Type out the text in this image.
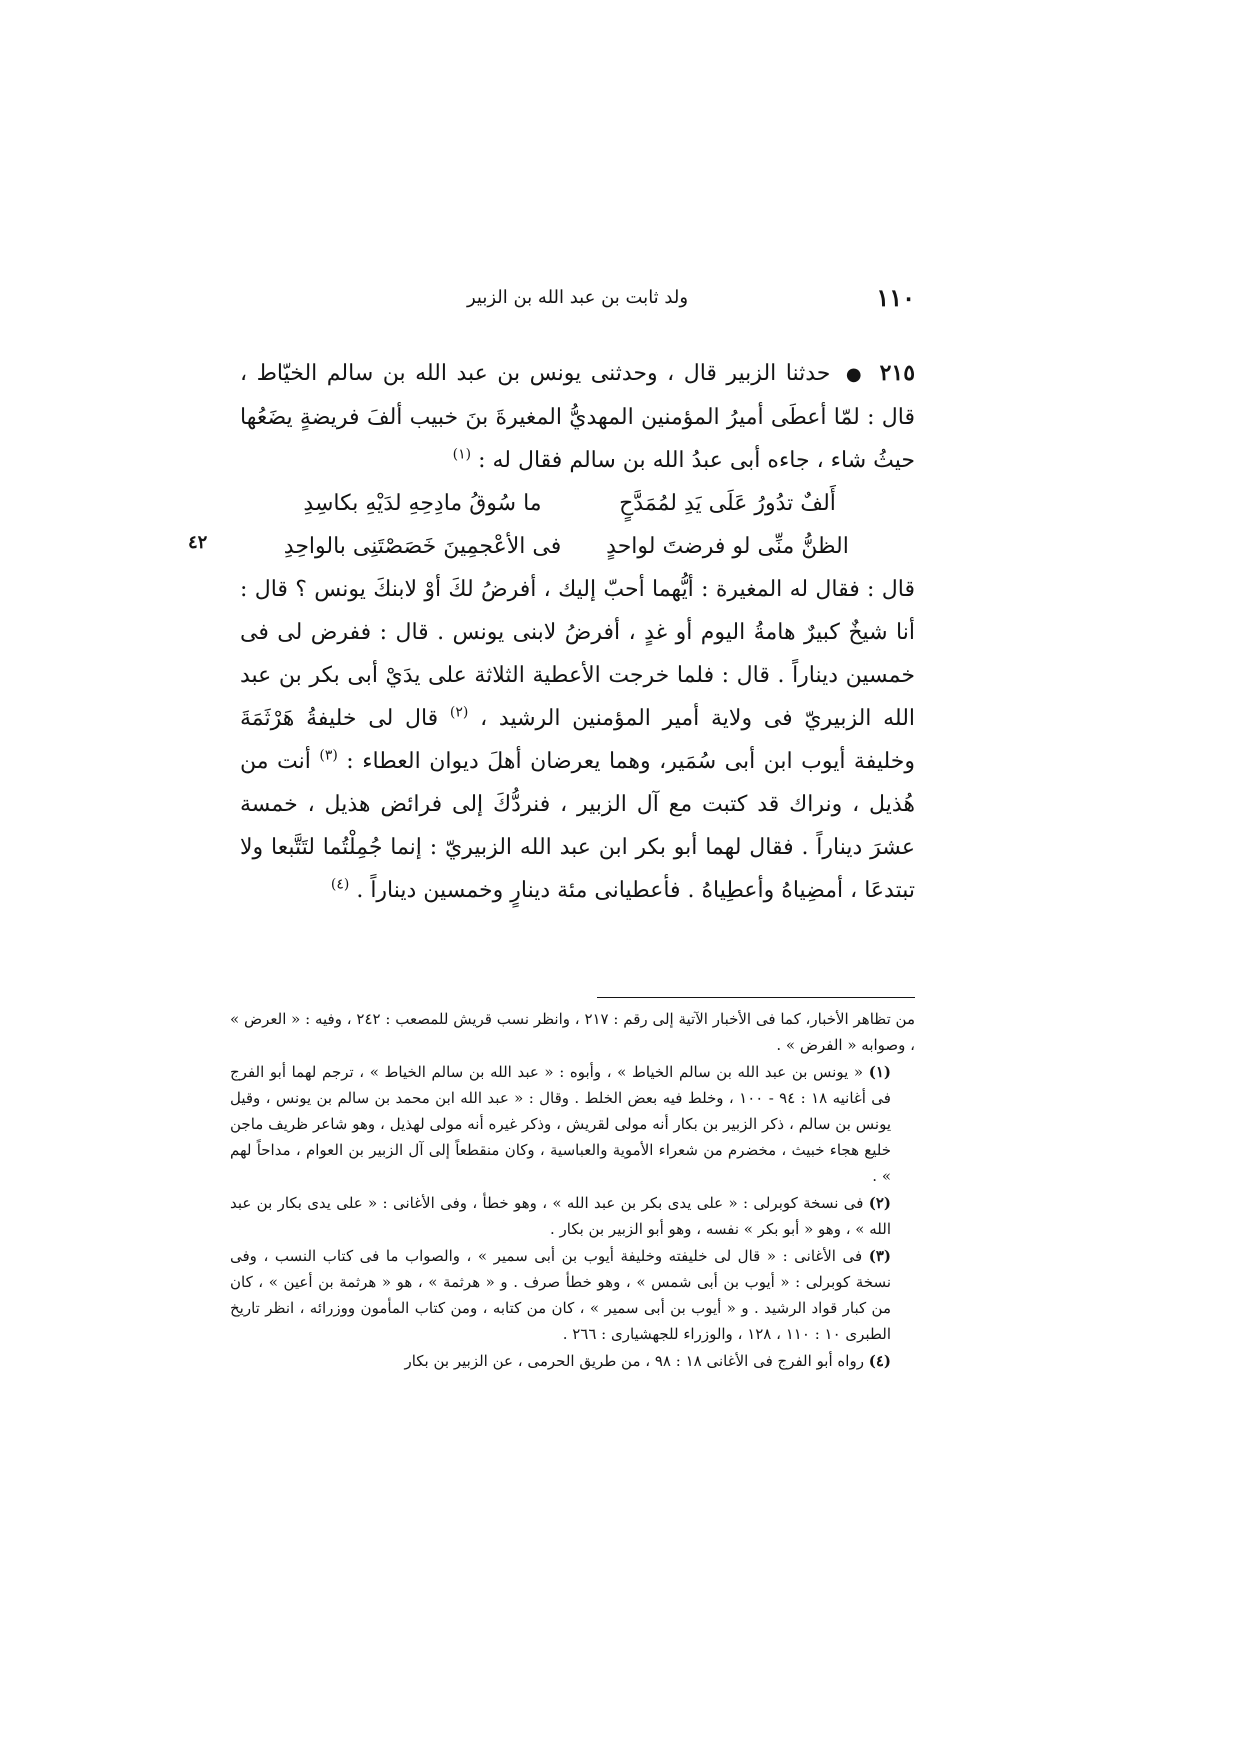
١١٠
ولد ثابت بن عبد الله بن الزبير
٤٢

٢١٥ ● حدثنا الزبير قال ، وحدثنى يونس بن عبد الله بن سالم الخيّاط ، قال : لمّا أعطَى أميرُ المؤمنين المهديُّ المغيرةَ بنَ خبيب ألفَ فريضةٍ يضَعُها حيثُ شاء ، جاءه أبى عبدُ الله بن سالم فقال له : $^{(١)}$

أَلفٌ تدُورُ عَلَى يَدِ لمُمَدَّحٍ
ما سُوقُ مادِحِهِ لدَيْهِ بكاسِدِ
الظنُّ منِّى لو فرضتَ لواحدٍ
فى الأعْجمِينَ خَصَصْتَنِى بالواحِدِ

قال : فقال له المغيرة : أيُّهما أحبّ إليك ، أفرضُ لكَ أوْ لابنكَ يونس ؟ قال : أنا شيخٌ كبيرٌ هامةُ اليوم أو غدٍ ، أفرضُ لابنى يونس . قال : ففرض لى فى خمسين ديناراً . قال : فلما خرجت الأعطية الثلاثة على يدَيْ أبى بكر بن عبد الله الزبيريّ فى ولاية أمير المؤمنين الرشيد ، $^{(٢)}$ قال لى خليفةُ هَرْثَمَةَ وخليفة أيوب ابن أبى سُمَير، وهما يعرضان أهلَ ديوان العطاء : $^{(٣)}$ أنت من هُذيل ، ونراك قد كتبت مع آل الزبير ، فنردُّكَ إلى فرائض هذيل ، خمسة عشرَ ديناراً . فقال لهما أبو بكر ابن عبد الله الزبيريّ : إنما جُمِلْتُما لتَتَّبعا ولا تبتدعَا ، أمضِياهُ وأعطِياهُ . فأعطيانى مئة دينارٍ وخمسين ديناراً . $^{(٤)}$

من تظاهر الأخبار، كما فى الأخبار الآتية إلى رقم : ٢١٧ ، وانظر نسب قريش للمصعب : ٢٤٢ ، وفيه : « العرض » ، وصوابه « الفرض » .

(١) « يونس بن عبد الله بن سالم الخياط » ، وأبوه : « عبد الله بن سالم الخياط » ، ترجم لهما أبو الفرج فى أغانيه ١٨ : ٩٤ - ١٠٠ ، وخلط فيه بعض الخلط . وقال : « عبد الله ابن محمد بن سالم بن يونس ، وقيل يونس بن سالم ، ذكر الزبير بن بكار أنه مولى لقريش ، وذكر غيره أنه مولى لهذيل ، وهو شاعر ظريف ماجن خليع هجاء خبيث ، مخضرم من شعراء الأموية والعباسية ، وكان منقطعاً إلى آل الزبير بن العوام ، مداحاً لهم » .

(٢) فى نسخة كوبرلى : « على يدى بكر بن عبد الله » ، وهو خطأ ، وفى الأغانى : « على يدى بكار بن عبد الله » ، وهو « أبو بكر » نفسه ، وهو أبو الزبير بن بكار .

(٣) فى الأغانى : « قال لى خليفته وخليفة أيوب بن أبى سمير » ، والصواب ما فى كتاب النسب ، وفى نسخة كوبرلى : « أيوب بن أبى شمس » ، وهو خطأ صرف . و « هرثمة » ، هو « هرثمة بن أعين » ، كان من كبار قواد الرشيد . و « أيوب بن أبى سمير » ، كان من كتابه ، ومن كتاب المأمون ووزرائه ، انظر تاريخ الطبرى ١٠ : ١١٠ ، ١٢٨ ، والوزراء للجهشيارى : ٢٦٦ .

(٤) رواه أبو الفرج فى الأغانى ١٨ : ٩٨ ، من طريق الحرمى ، عن الزبير بن بكار
